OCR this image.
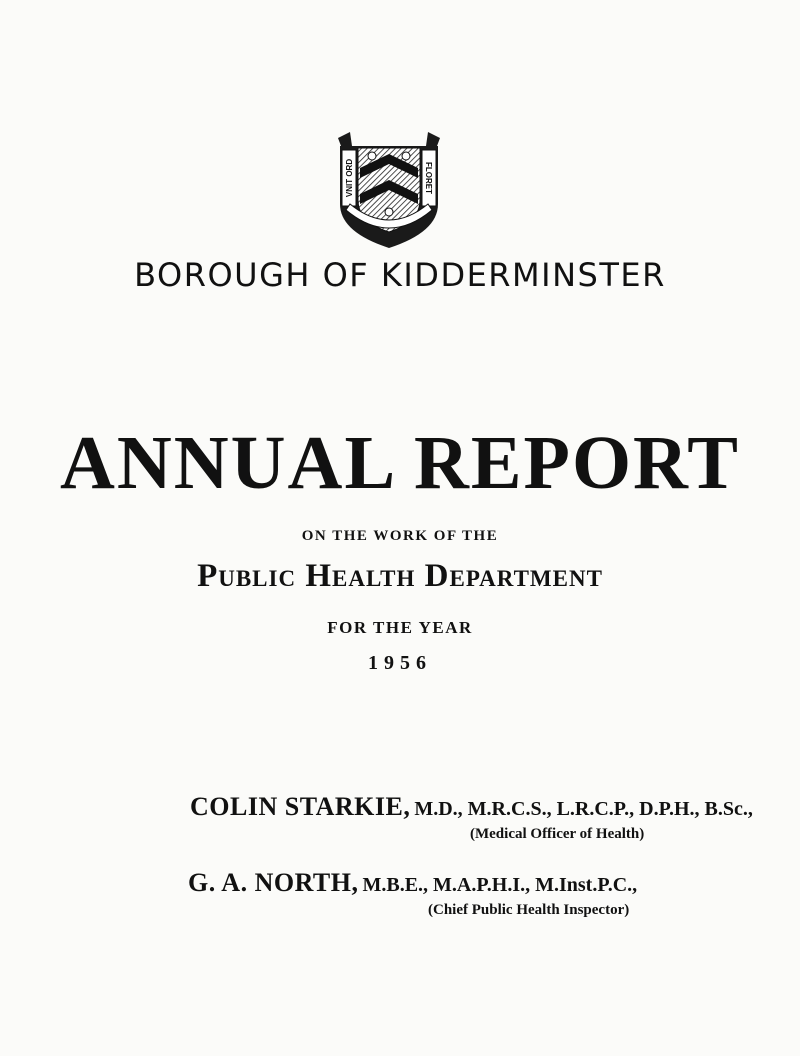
VNIT ORD	FLORET
BOROUGH OF KIDDERMINSTER
ANNUAL REPORT
ON THE WORK OF THE
Public Health Department
FOR THE YEAR
1956
COLIN STARKIE, M.D., M.R.C.S., L.R.C.P., D.P.H., B.Sc.,
(Medical Officer of Health)
G. A. NORTH, M.B.E., M.A.P.H.I., M.Inst.P.C.,
(Chief Public Health Inspector)
